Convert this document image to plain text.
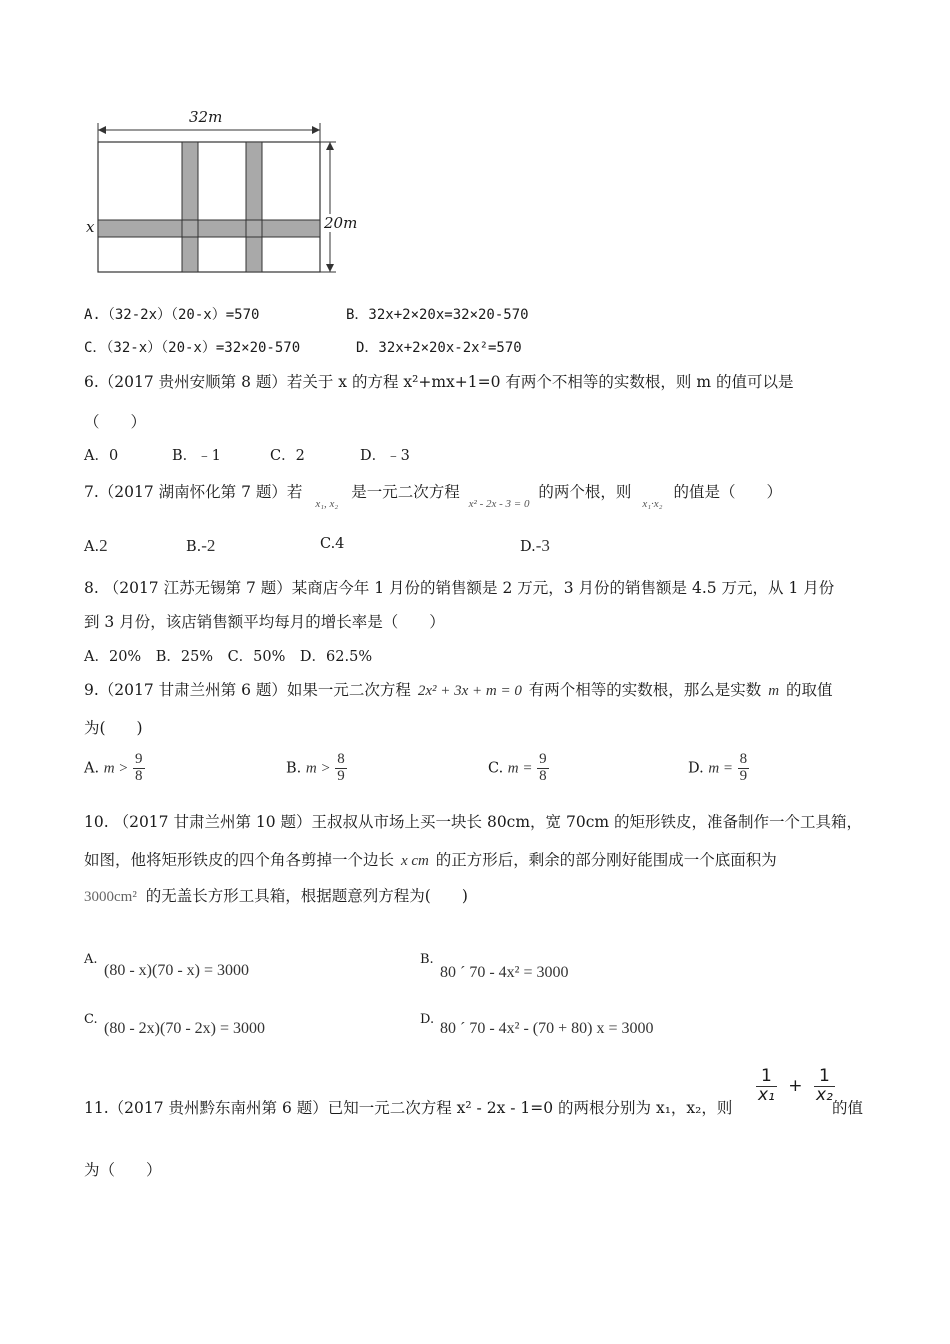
32m
20m
x
A.（32-2x）（20-x）=570	B．32x+2×20x=32×20-570
C．（32-x）（20-x）=32×20-570	D．32x+2×20x-2x²=570
6.（2017 贵州安顺第 8 题）若关于 x 的方程 x²+mx+1=0 有两个不相等的实数根，则 m 的值可以是
（　　）
A．0	B．﹣1	C．2	D．﹣3
7.（2017 湖南怀化第 7 题）若 $_{x_1, x_2}$ 是一元二次方程 $_{x^2 - 2x - 3 = 0}$ 的两个根，则 $_{x_1\cdot x_2}$ 的值是（　　）
A.2	B.-2	C.4	D.-3
8. （2017 江苏无锡第 7 题）某商店今年 1 月份的销售额是 2 万元，3 月份的销售额是 4.5 万元，从 1 月份
到 3 月份，该店销售额平均每月的增长率是（　　）
A．20%　B．25%　C．50%　D．62.5%
9.（2017 甘肃兰州第 6 题）如果一元二次方程 2x² + 3x + m = 0 有两个相等的实数根，那么是实数 m 的取值
为(　　)
A. $m > \frac{9}{8}$	B. $m > \frac{8}{9}$	C. $m = \frac{9}{8}$	D. $m = \frac{8}{9}$
10. （2017 甘肃兰州第 10 题）王叔叔从市场上买一块长 80cm，宽 70cm 的矩形铁皮，准备制作一个工具箱，
如图，他将矩形铁皮的四个角各剪掉一个边长 x cm 的正方形后，剩余的部分刚好能围成一个底面积为
3000cm² 的无盖长方形工具箱，根据题意列方程为(　　)
A.
(80 - x)(70 - x) = 3000
B.
80 ´ 70 - 4x² = 3000
C.
(80 - 2x)(70 - 2x) = 3000
D.
80 ´ 70 - 4x² - (70 + 80) x = 3000
11.（2017 贵州黔东南州第 6 题）已知一元二次方程 x² - 2x - 1=0 的两根分别为 x₁，x₂，则
$\frac{1}{\text{x₁}} + \frac{1}{\text{x₂}}$
的值
为（　　）
